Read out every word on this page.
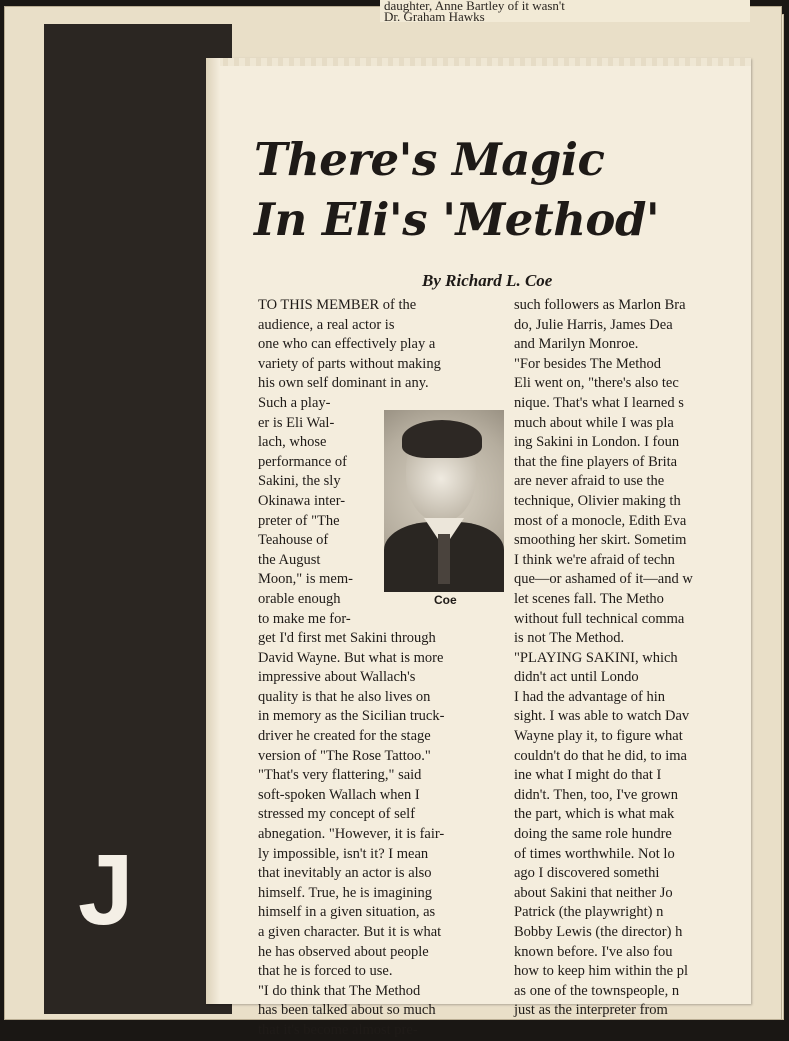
daughter, Anne Bartley of it wasn't
Dr. Graham Hawks
J
There's Magic
In Eli's 'Method'
By Richard L. Coe
TO THIS MEMBER of the
audience, a real actor is
one who can effectively play a
variety of parts without making
his own self dominant in any.
Such a play-
er is Eli Wal-
lach, whose
performance of
Sakini, the sly
Okinawa inter-
preter of "The
Teahouse of
the August
Moon," is mem-
orable enough
to make me for-
get I'd first met Sakini through
David Wayne. But what is more
impressive about Wallach's
quality is that he also lives on
in memory as the Sicilian truck-
driver he created for the stage
version of "The Rose Tattoo."
"That's very flattering," said
soft-spoken Wallach when I
stressed my concept of self
abnegation. "However, it is fair-
ly impossible, isn't it? I mean
that inevitably an actor is also
himself. True, he is imagining
himself in a given situation, as
a given character. But it is what
he has observed about people
that he is forced to use.
"I do think that The Method
has been talked about so much
that it's become almost pre-
such followers as Marlon Bra
do, Julie Harris, James Dea
and Marilyn Monroe.
"For besides The Method
Eli went on, "there's also tec
nique. That's what I learned s
much about while I was pla
ing Sakini in London. I foun
that the fine players of Brita
are never afraid to use the
technique, Olivier making th
most of a monocle, Edith Eva
smoothing her skirt. Sometim
I think we're afraid of techn
que—or ashamed of it—and w
let scenes fall. The Metho
without full technical comma
is not The Method.
"PLAYING SAKINI, which
didn't act until Londo
I had the advantage of hin
sight. I was able to watch Dav
Wayne play it, to figure what
couldn't do that he did, to ima
ine what I might do that I
didn't. Then, too, I've grown
the part, which is what mak
doing the same role hundre
of times worthwhile. Not lo
ago I discovered somethi
about Sakini that neither Jo
Patrick (the playwright) n
Bobby Lewis (the director) h
known before. I've also fou
how to keep him within the pl
as one of the townspeople, n
just as the interpreter from
Coe
